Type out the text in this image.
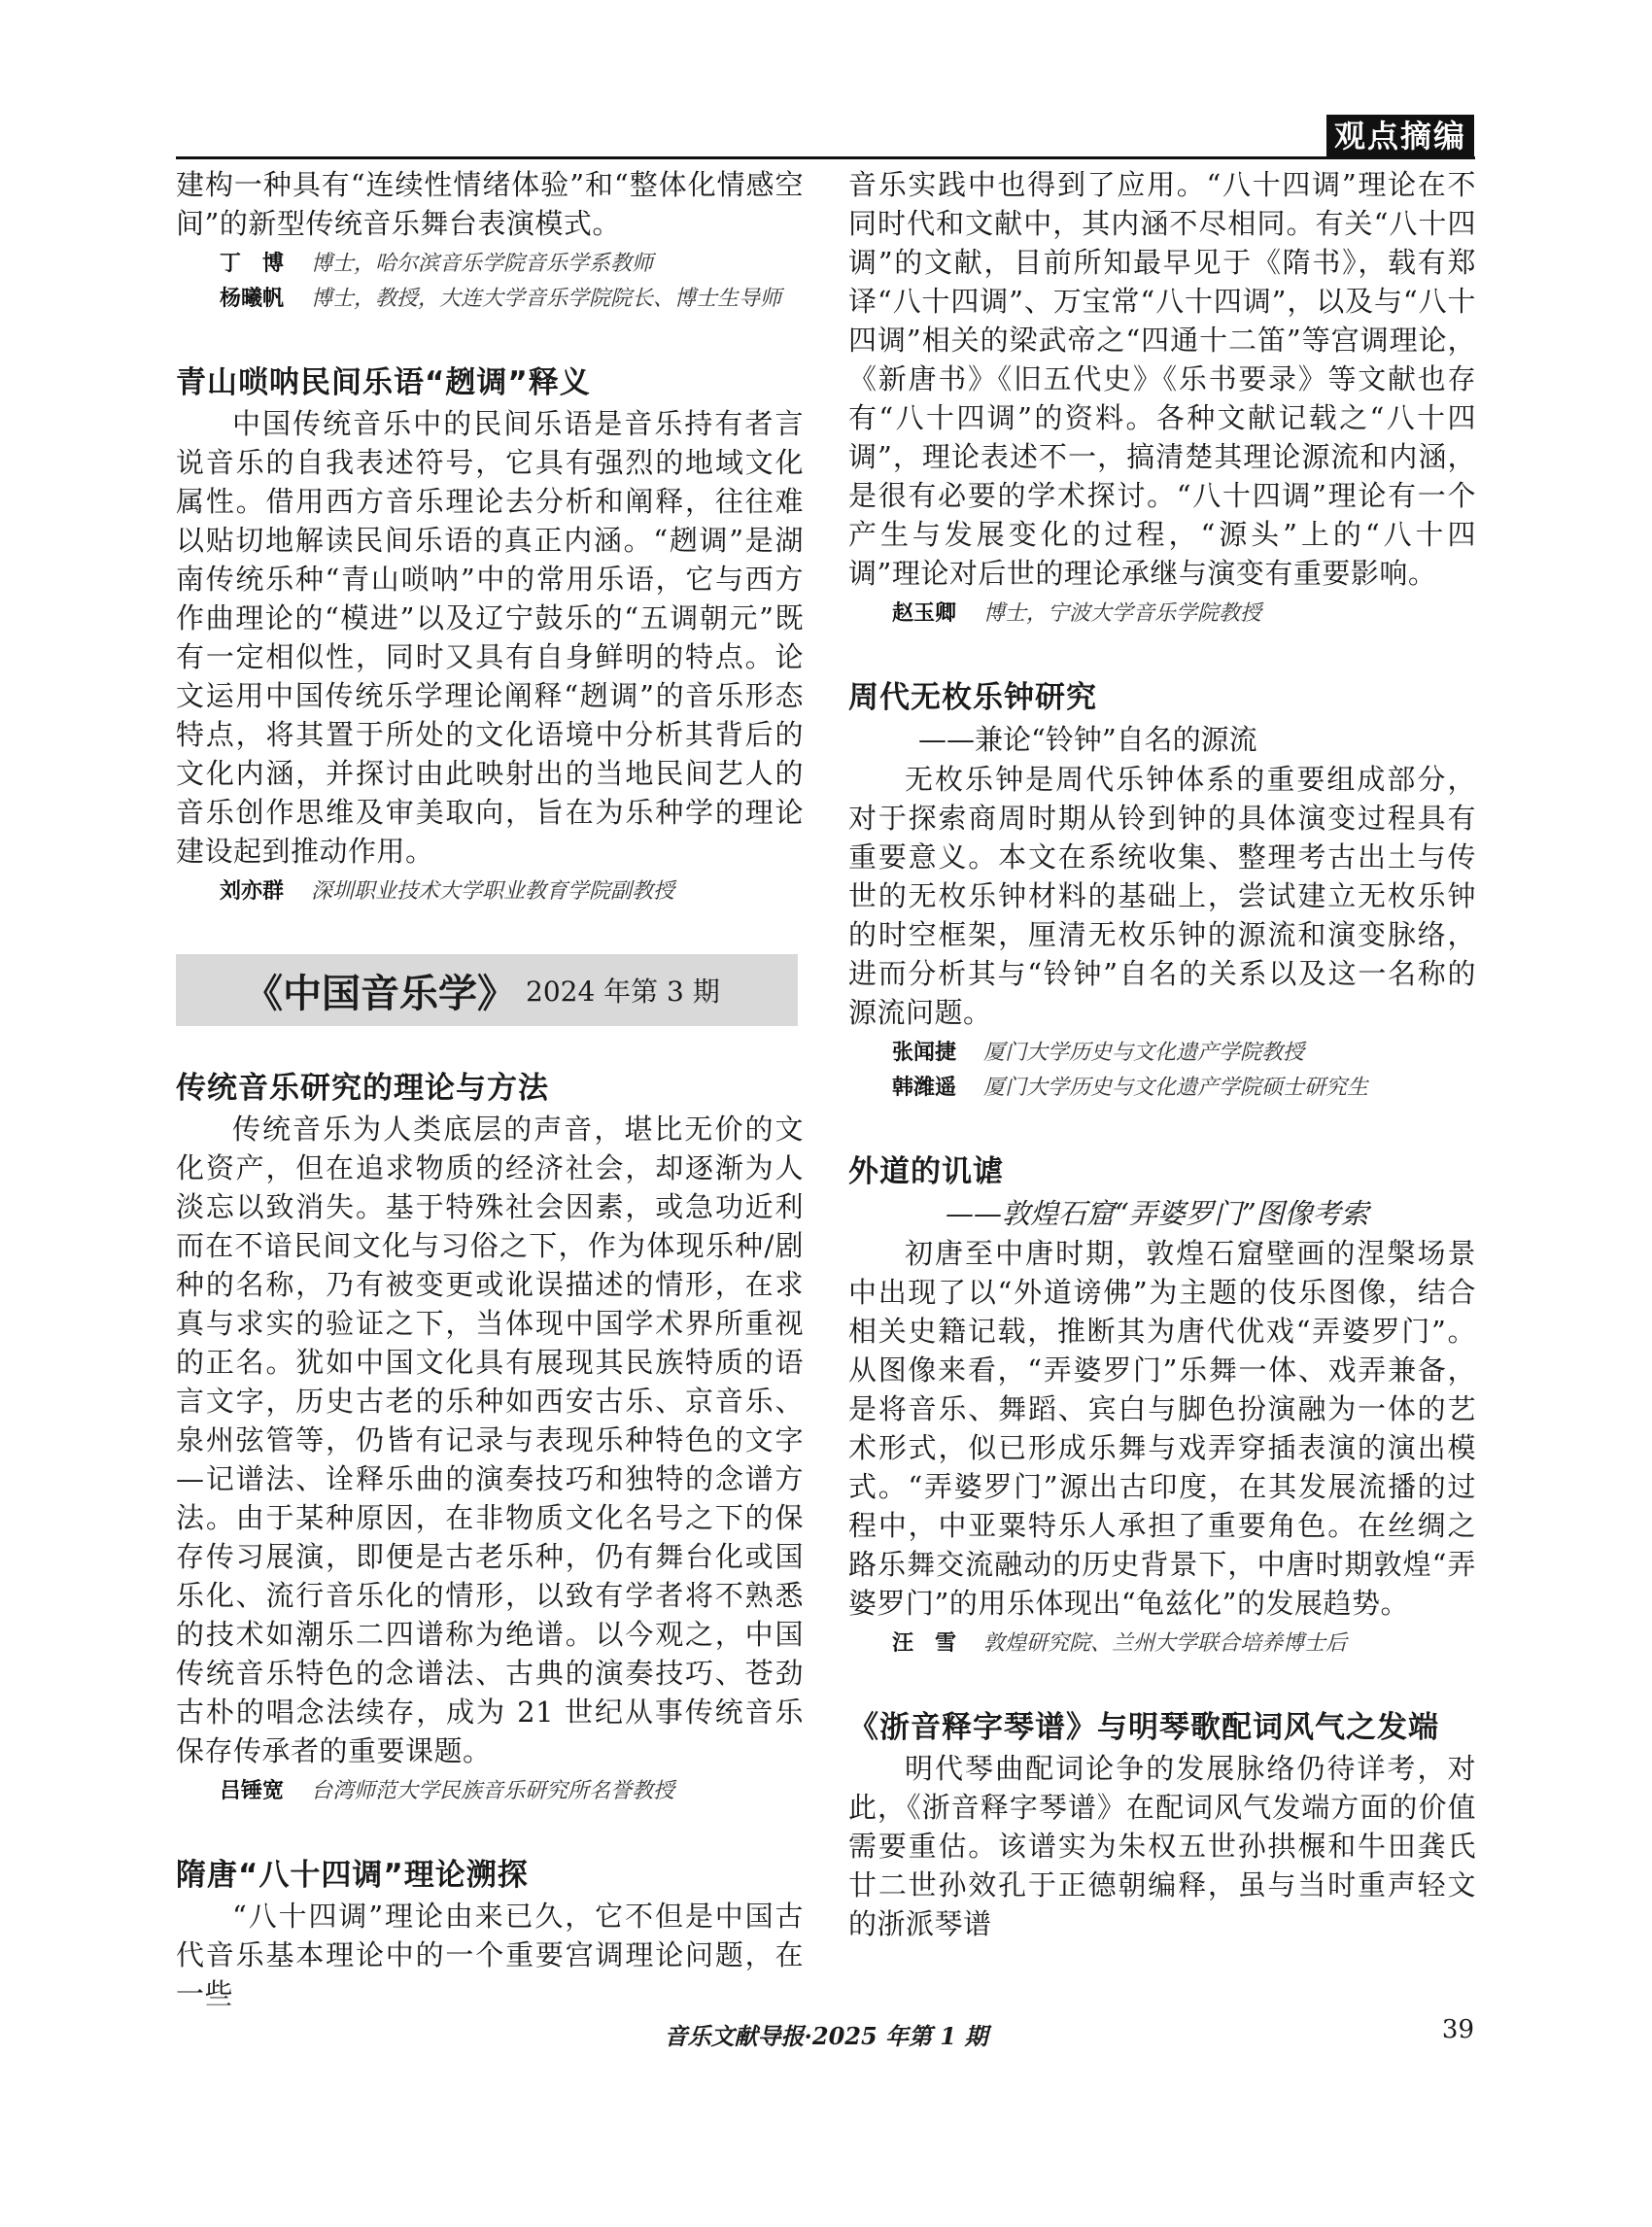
观点摘编

建构一种具有“连续性情绪体验”和“整体化情感空间”的新型传统音乐舞台表演模式。

丁　博	博士，哈尔滨音乐学院音乐学系教师
杨曦帆	博士，教授，大连大学音乐学院院长、博士生导师
青山唢呐民间乐语“趔调”释义

中国传统音乐中的民间乐语是音乐持有者言说音乐的自我表述符号，它具有强烈的地域文化属性。借用西方音乐理论去分析和阐释，往往难以贴切地解读民间乐语的真正内涵。“趔调”是湖南传统乐种“青山唢呐”中的常用乐语，它与西方作曲理论的“模进”以及辽宁鼓乐的“五调朝元”既有一定相似性，同时又具有自身鲜明的特点。论文运用中国传统乐学理论阐释“趔调”的音乐形态特点，将其置于所处的文化语境中分析其背后的文化内涵，并探讨由此映射出的当地民间艺人的音乐创作思维及审美取向，旨在为乐种学的理论建设起到推动作用。

刘亦群	深圳职业技术大学职业教育学院副教授
《中国音乐学》 2024 年第 3 期
传统音乐研究的理论与方法

传统音乐为人类底层的声音，堪比无价的文化资产，但在追求物质的经济社会，却逐渐为人淡忘以致消失。基于特殊社会因素，或急功近利而在不谙民间文化与习俗之下，作为体现乐种/剧种的名称，乃有被变更或讹误描述的情形，在求真与求实的验证之下，当体现中国学术界所重视的正名。犹如中国文化具有展现其民族特质的语言文字，历史古老的乐种如西安古乐、京音乐、泉州弦管等，仍皆有记录与表现乐种特色的文字—记谱法、诠释乐曲的演奏技巧和独特的念谱方法。由于某种原因，在非物质文化名号之下的保存传习展演，即便是古老乐种，仍有舞台化或国乐化、流行音乐化的情形，以致有学者将不熟悉的技术如潮乐二四谱称为绝谱。以今观之，中国传统音乐特色的念谱法、古典的演奏技巧、苍劲古朴的唱念法续存，成为 21 世纪从事传统音乐保存传承者的重要课题。

吕锤宽	台湾师范大学民族音乐研究所名誉教授
隋唐“八十四调”理论溯探

“八十四调”理论由来已久，它不但是中国古代音乐基本理论中的一个重要宫调理论问题，在一些

音乐实践中也得到了应用。“八十四调”理论在不同时代和文献中，其内涵不尽相同。有关“八十四调”的文献，目前所知最早见于《隋书》，载有郑译“八十四调”、万宝常“八十四调”，以及与“八十四调”相关的梁武帝之“四通十二笛”等宫调理论，《新唐书》《旧五代史》《乐书要录》等文献也存有“八十四调”的资料。各种文献记载之“八十四调”，理论表述不一，搞清楚其理论源流和内涵，是很有必要的学术探讨。“八十四调”理论有一个产生与发展变化的过程，“源头”上的“八十四调”理论对后世的理论承继与演变有重要影响。

赵玉卿	博士，宁波大学音乐学院教授
周代无枚乐钟研究

——兼论“铃钟”自名的源流

无枚乐钟是周代乐钟体系的重要组成部分，对于探索商周时期从铃到钟的具体演变过程具有重要意义。本文在系统收集、整理考古出土与传世的无枚乐钟材料的基础上，尝试建立无枚乐钟的时空框架，厘清无枚乐钟的源流和演变脉络，进而分析其与“铃钟”自名的关系以及这一名称的源流问题。

张闻捷	厦门大学历史与文化遗产学院教授
韩潍遥	厦门大学历史与文化遗产学院硕士研究生
外道的讥谑

——敦煌石窟“弄婆罗门”图像考索

初唐至中唐时期，敦煌石窟壁画的涅槃场景中出现了以“外道谤佛”为主题的伎乐图像，结合相关史籍记载，推断其为唐代优戏“弄婆罗门”。从图像来看，“弄婆罗门”乐舞一体、戏弄兼备，是将音乐、舞蹈、宾白与脚色扮演融为一体的艺术形式，似已形成乐舞与戏弄穿插表演的演出模式。“弄婆罗门”源出古印度，在其发展流播的过程中，中亚粟特乐人承担了重要角色。在丝绸之路乐舞交流融动的历史背景下，中唐时期敦煌“弄婆罗门”的用乐体现出“龟兹化”的发展趋势。

汪　雪	敦煌研究院、兰州大学联合培养博士后
《浙音释字琴谱》与明琴歌配词风气之发端

明代琴曲配词论争的发展脉络仍待详考，对此，《浙音释字琴谱》在配词风气发端方面的价值需要重估。该谱实为朱权五世孙拱榐和牛田龚氏廿二世孙效孔于正德朝编释，虽与当时重声轻文的浙派琴谱

音乐文献导报·2025 年第 1 期	39
